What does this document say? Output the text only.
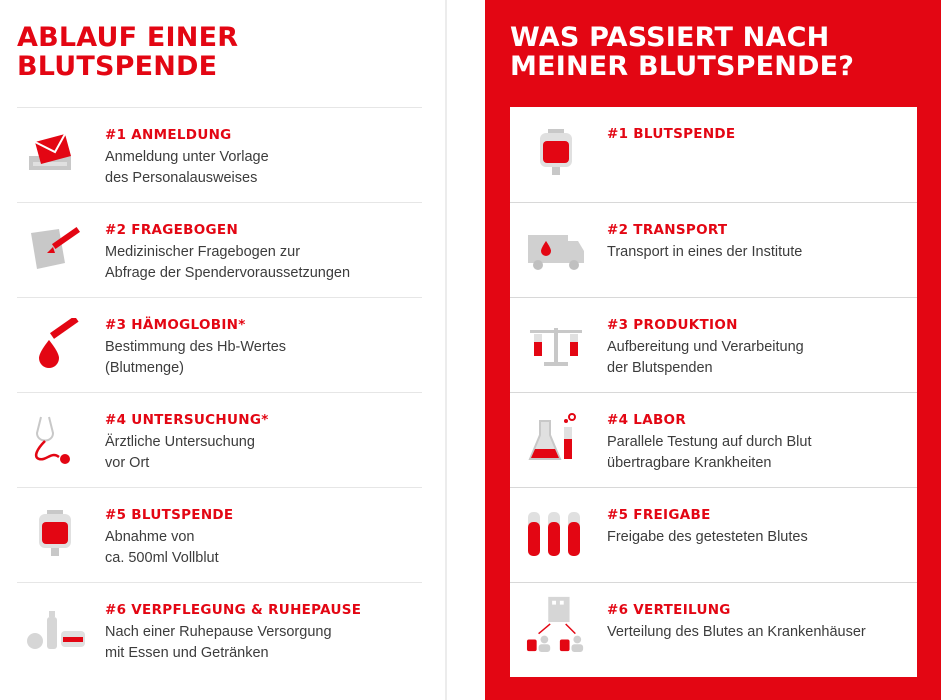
ABLAUF EINER
BLUTSPENDE
#1 ANMELDUNG
Anmeldung unter Vorlage
des Personalausweises
#2 FRAGEBOGEN
Medizinischer Fragebogen zur
Abfrage der Spendervoraussetzungen
#3 HÄMOGLOBIN*
Bestimmung des Hb-Wertes
(Blutmenge)
#4 UNTERSUCHUNG*
Ärztliche Untersuchung
vor Ort
#5 BLUTSPENDE
Abnahme von
ca. 500ml Vollblut
#6 VERPFLEGUNG & RUHEPAUSE
Nach einer Ruhepause Versorgung
mit Essen und Getränken
WAS PASSIERT NACH
MEINER BLUTSPENDE?
#1 BLUTSPENDE
#2 TRANSPORT
Transport in eines der Institute
#3 PRODUKTION
Aufbereitung und Verarbeitung
der Blutspenden
#4 LABOR
Parallele Testung auf durch Blut
übertragbare Krankheiten
#5 FREIGABE
Freigabe des getesteten Blutes
#6 VERTEILUNG
Verteilung des Blutes an Krankenhäuser
